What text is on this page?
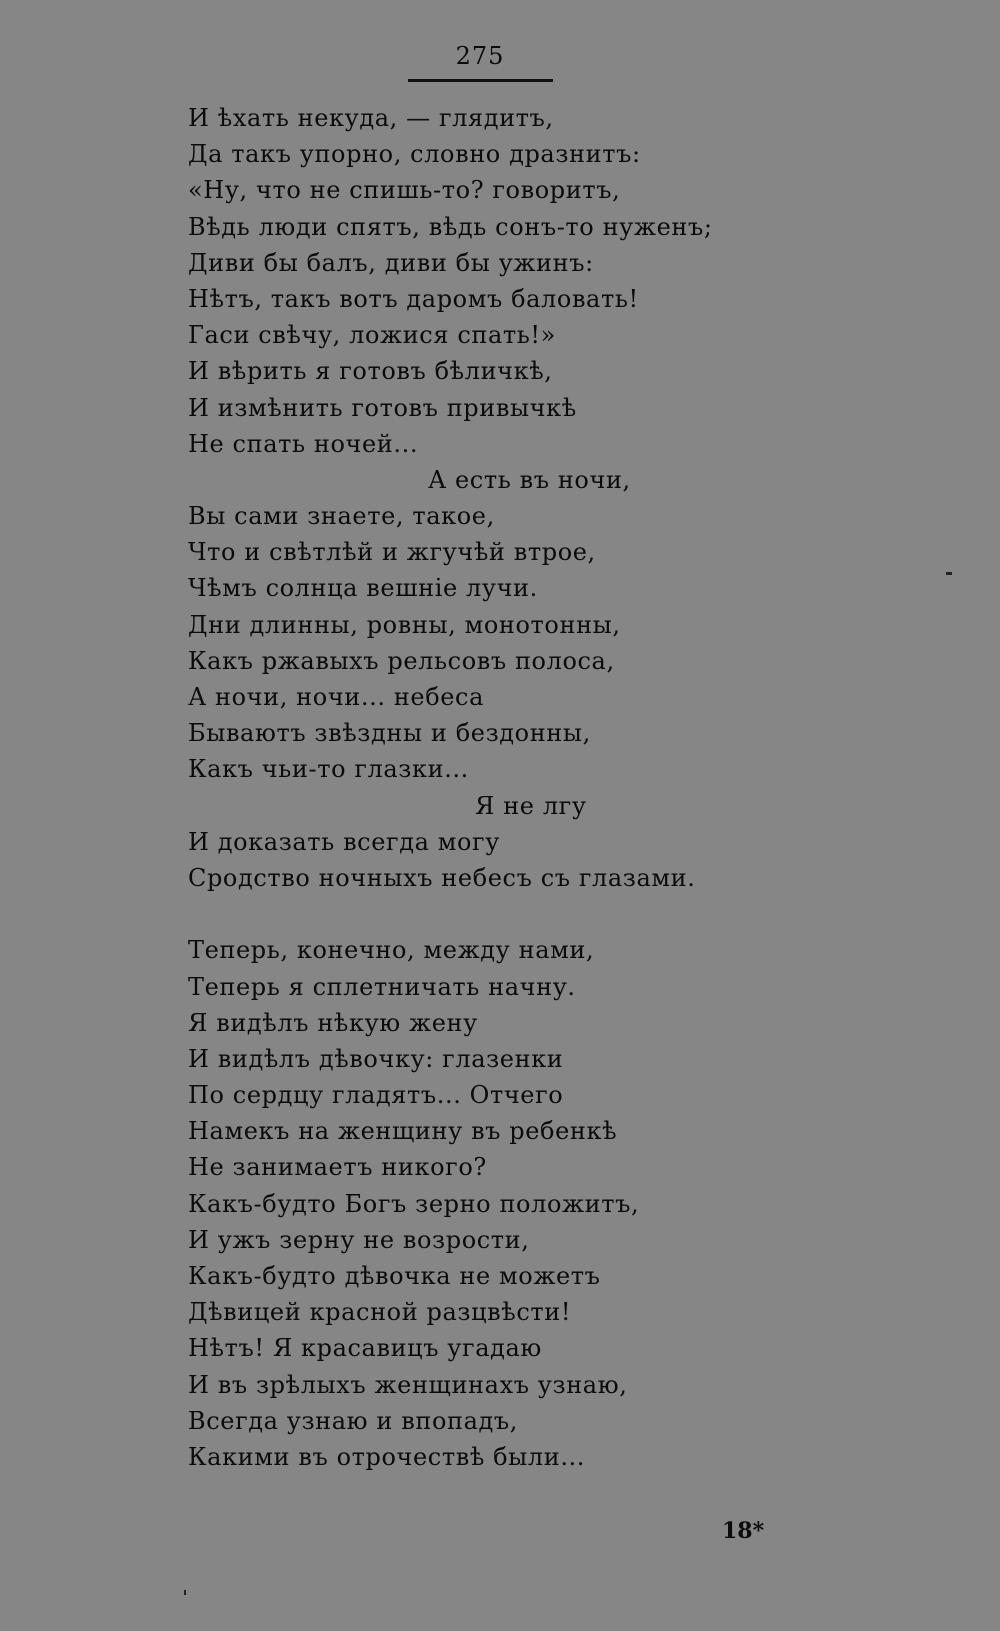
275
И ѣхать некуда, — глядитъ,
Да такъ упорно, словно дразнитъ:
«Ну, что не спишь-то? говоритъ,
Вѣдь люди спятъ, вѣдь сонъ-то нуженъ;
Диви бы балъ, диви бы ужинъ:
Нѣтъ, такъ вотъ даромъ баловать!
Гаси свѣчу, ложися спать!»
И вѣрить я готовъ бѣличкѣ,
И измѣнить готовъ привычкѣ
Не спать ночей...
А есть въ ночи,
Вы сами знаете, такое,
Что и свѣтлѣй и жгучѣй втрое,
Чѣмъ солнца вешніе лучи.
Дни длинны, ровны, монотонны,
Какъ ржавыхъ рельсовъ полоса,
А ночи, ночи... небеса
Бываютъ звѣздны и бездонны,
Какъ чьи-то глазки...
Я не лгу
И доказать всегда могу
Сродство ночныхъ небесъ съ глазами.
Теперь, конечно, между нами,
Теперь я сплетничать начну.
Я видѣлъ нѣкую жену
И видѣлъ дѣвочку: глазенки
По сердцу гладятъ... Отчего
Намекъ на женщину въ ребенкѣ
Не занимаетъ никого?
Какъ-будто Богъ зерно положитъ,
И ужъ зерну не возрости,
Какъ-будто дѣвочка не можетъ
Дѣвицей красной разцвѣсти!
Нѣтъ! Я красавицъ угадаю
И въ зрѣлыхъ женщинахъ узнаю,
Всегда узнаю и впопадъ,
Какими въ отрочествѣ были...
18*
